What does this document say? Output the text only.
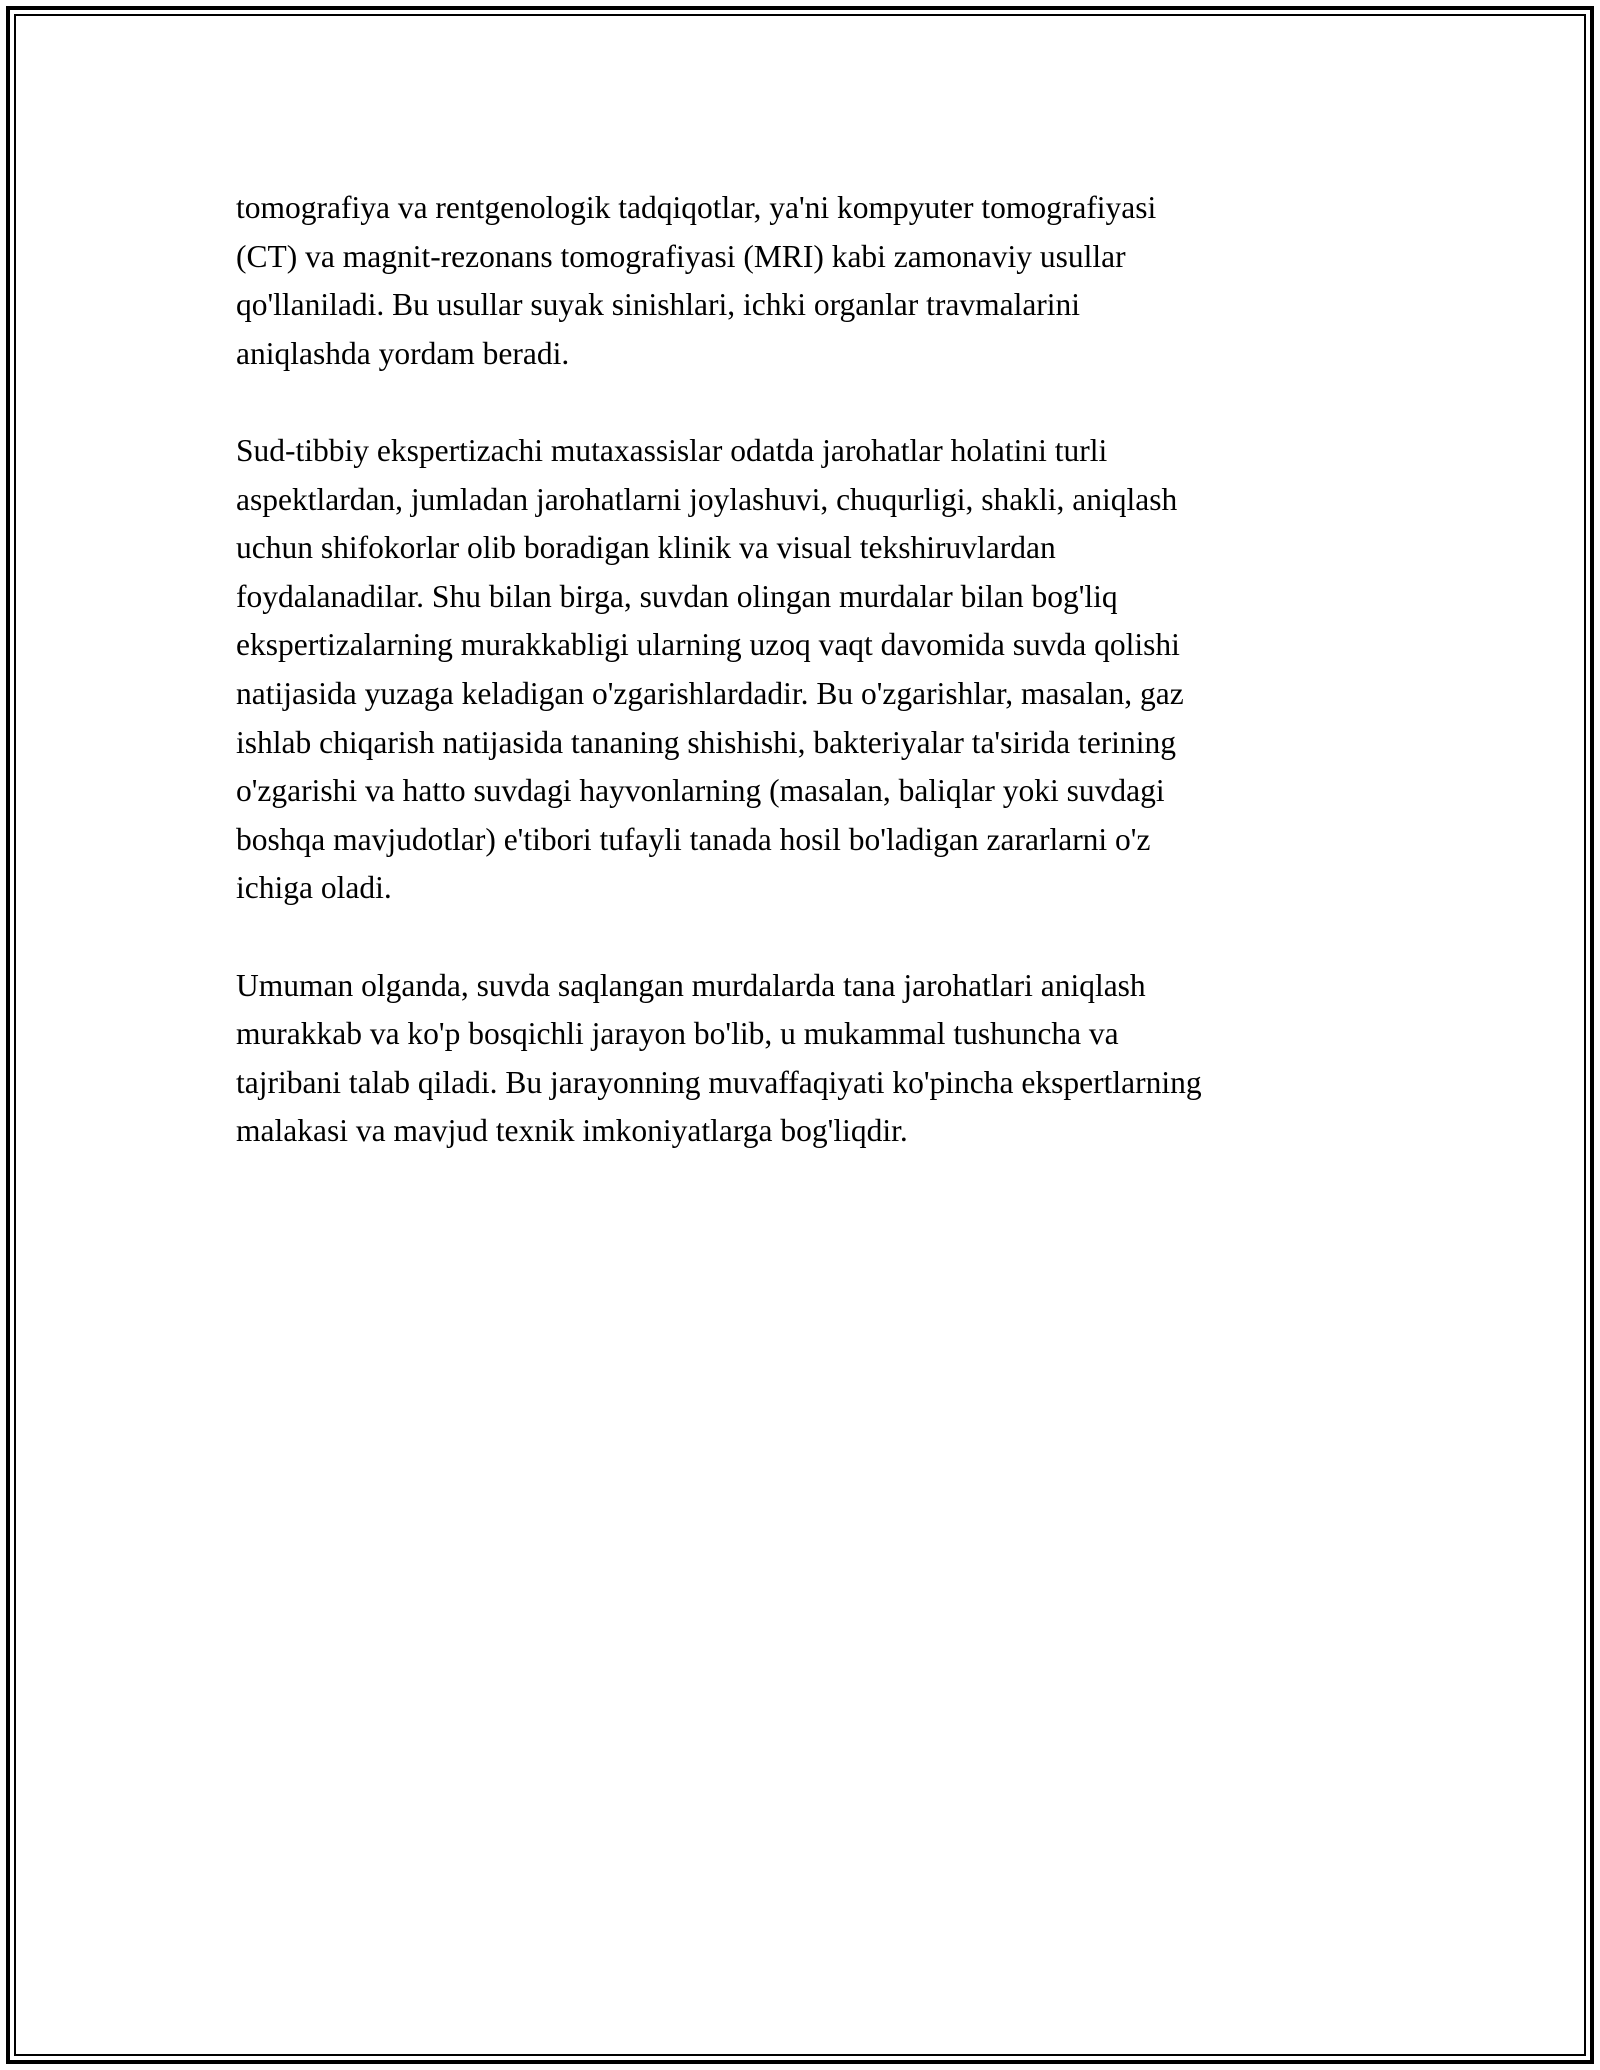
tomografiya va rentgenologik tadqiqotlar, ya'ni kompyuter tomografiyasi
(CT) va magnit-rezonans tomografiyasi (MRI) kabi zamonaviy usullar
qo'llaniladi. Bu usullar suyak sinishlari, ichki organlar travmalarini
aniqlashda yordam beradi.

Sud-tibbiy ekspertizachi mutaxassislar odatda jarohatlar holatini turli
aspektlardan, jumladan jarohatlarni joylashuvi, chuqurligi, shakli, aniqlash
uchun shifokorlar olib boradigan klinik va visual tekshiruvlardan
foydalanadilar. Shu bilan birga, suvdan olingan murdalar bilan bog'liq
ekspertizalarning murakkabligi ularning uzoq vaqt davomida suvda qolishi
natijasida yuzaga keladigan o'zgarishlardadir. Bu o'zgarishlar, masalan, gaz
ishlab chiqarish natijasida tananing shishishi, bakteriyalar ta'sirida terining
o'zgarishi va hatto suvdagi hayvonlarning (masalan, baliqlar yoki suvdagi
boshqa mavjudotlar) e'tibori tufayli tanada hosil bo'ladigan zararlarni o'z
ichiga oladi.

Umuman olganda, suvda saqlangan murdalarda tana jarohatlari aniqlash
murakkab va ko'p bosqichli jarayon bo'lib, u mukammal tushuncha va
tajribani talab qiladi. Bu jarayonning muvaffaqiyati ko'pincha ekspertlarning
malakasi va mavjud texnik imkoniyatlarga bog'liqdir.
